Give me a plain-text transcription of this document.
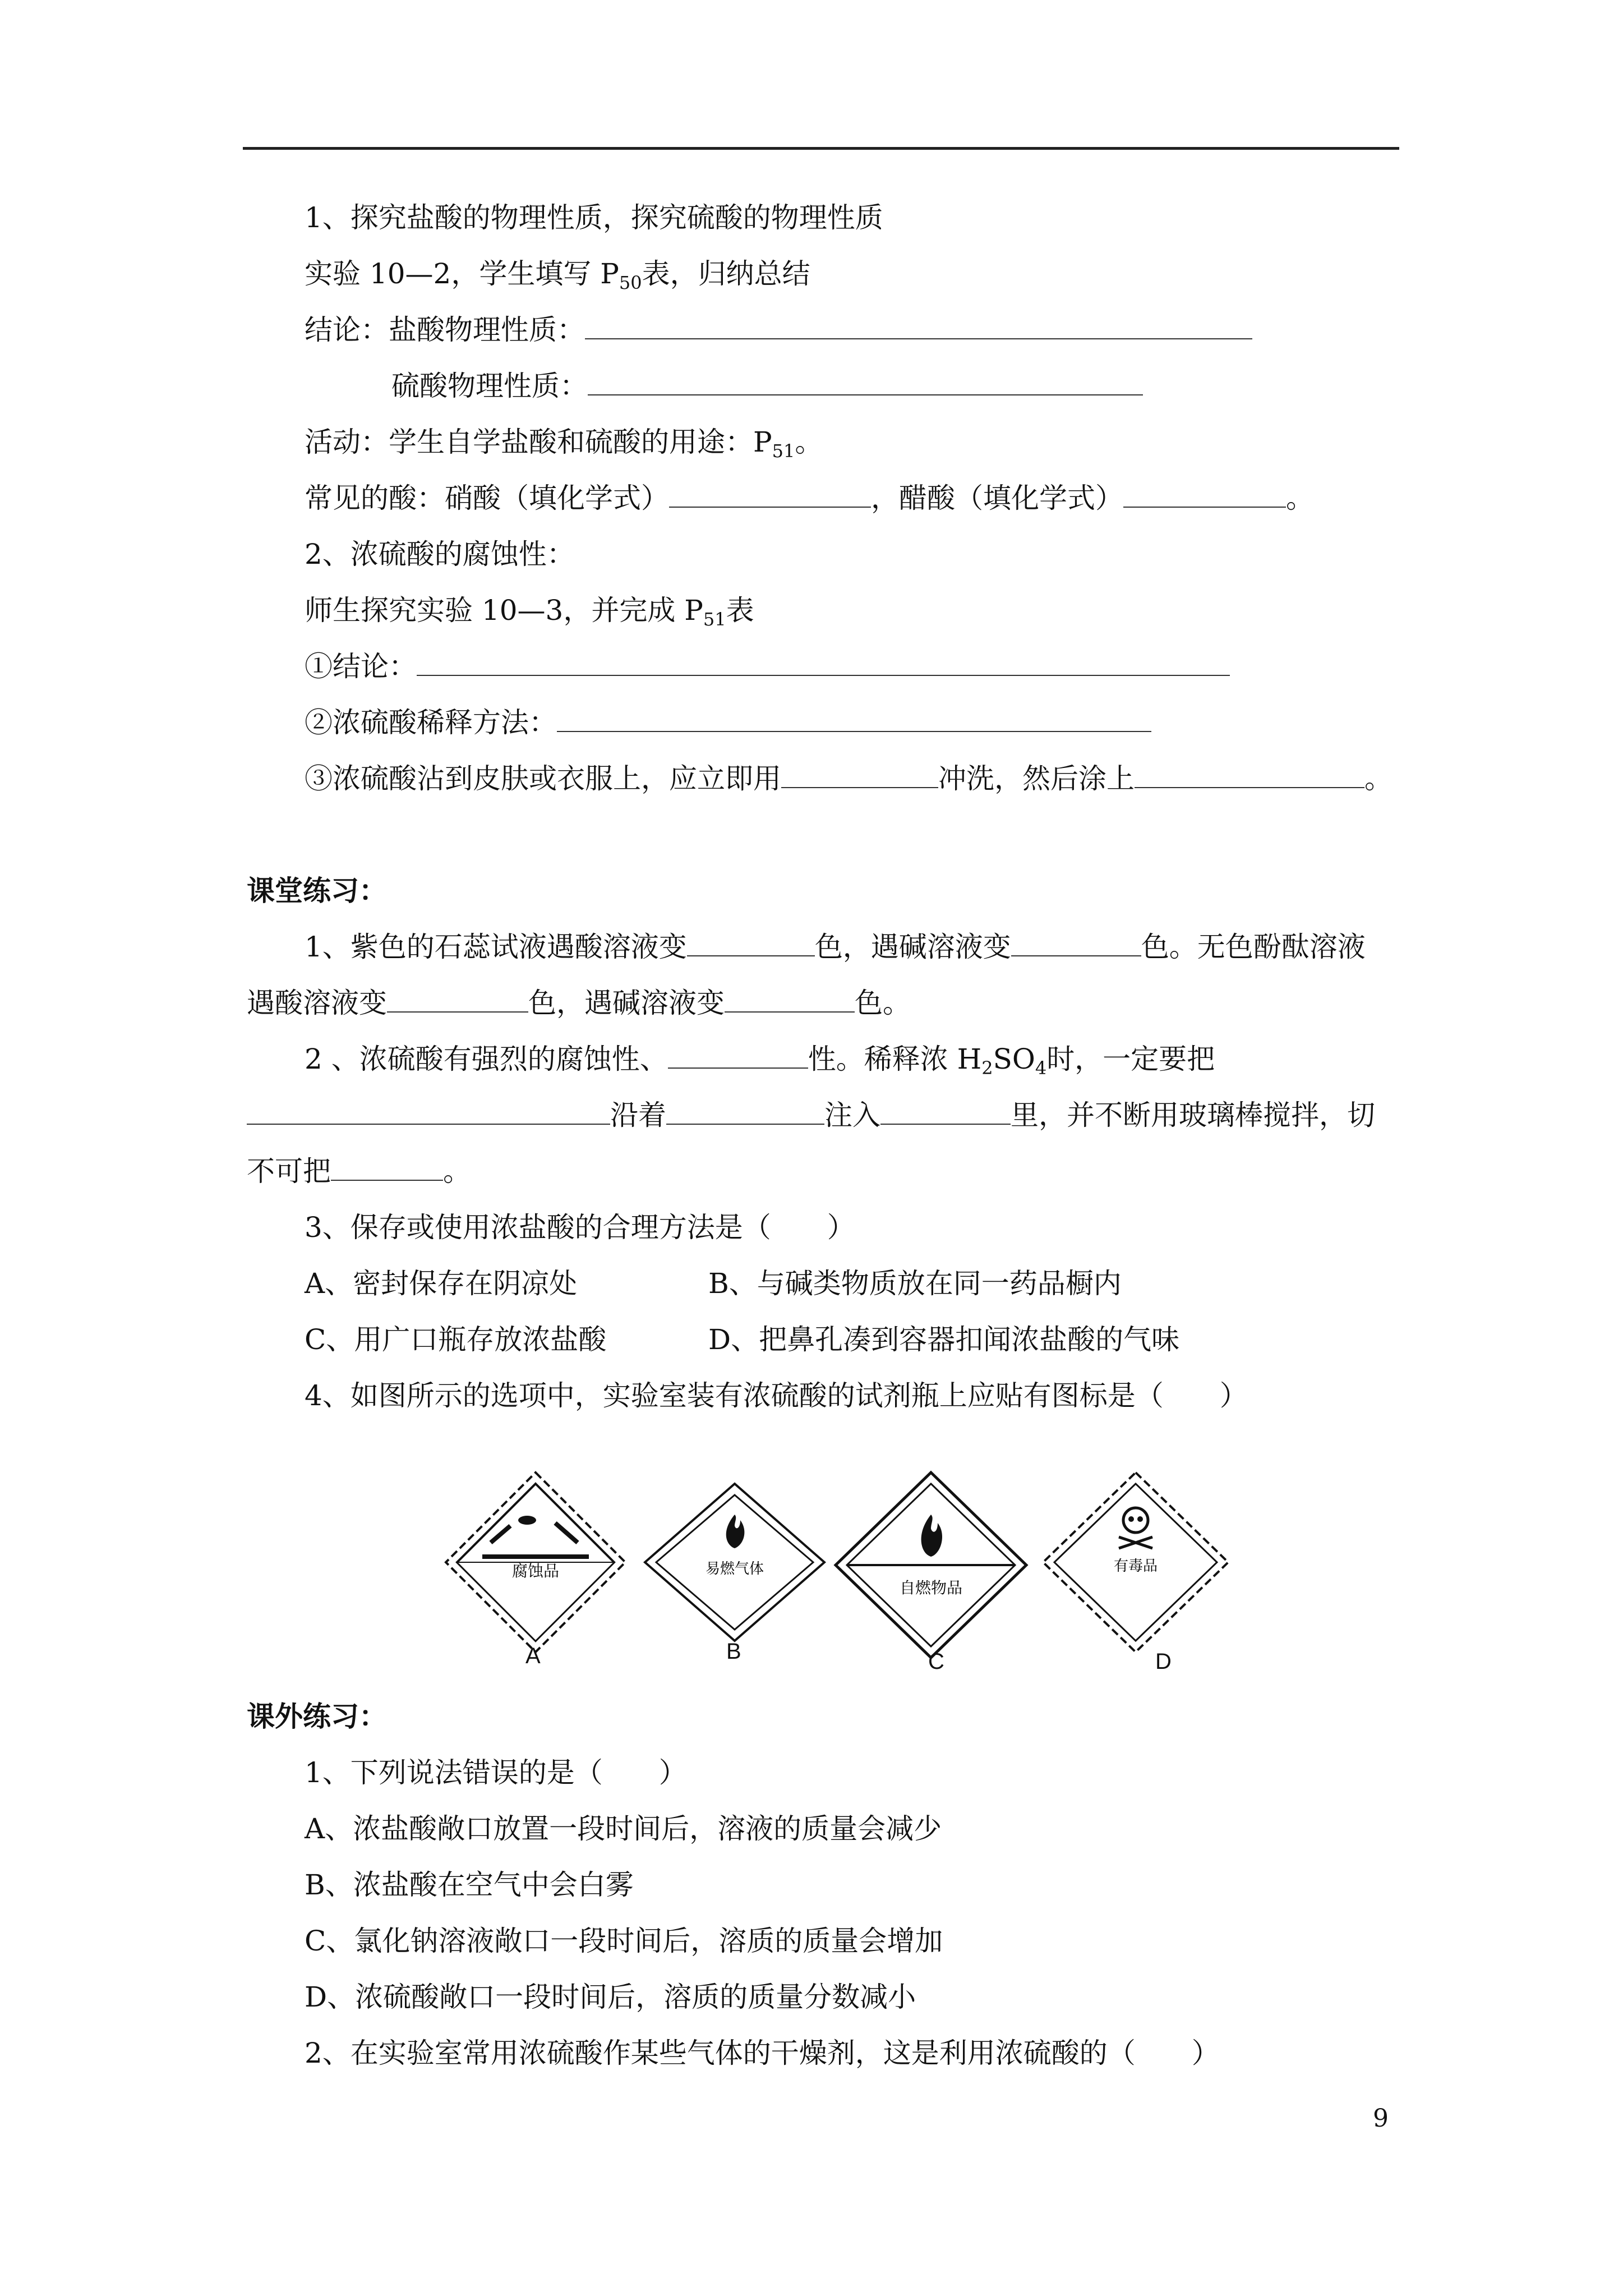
1、探究盐酸的物理性质，探究硫酸的物理性质
实验 10—2，学生填写 $P_{50}$表，归纳总结
结论：盐酸物理性质：
硫酸物理性质：
活动：学生自学盐酸和硫酸的用途：$P_{51}$。
常见的酸：硝酸（填化学式）	，醋酸（填化学式）	。
2、浓硫酸的腐蚀性：
师生探究实验 10—3，并完成 $P_{51}$表
①结论：
②浓硫酸稀释方法：
③浓硫酸沾到皮肤或衣服上，应立即用	冲洗，然后涂上	。
课堂练习：
1、紫色的石蕊试液遇酸溶液变	色，遇碱溶液变	色。无色酚酞溶液
遇酸溶液变	色，遇碱溶液变	色。
2 、浓硫酸有强烈的腐蚀性、	性。稀释浓 $H_2SO_4$时，一定要把
沿着	注入	里，并不断用玻璃棒搅拌，切
不可把	。
3、保存或使用浓盐酸的合理方法是（　　）
A、密封保存在阴凉处	B、与碱类物质放在同一药品橱内
C、用广口瓶存放浓盐酸	D、把鼻孔凑到容器扣闻浓盐酸的气味
4、如图所示的选项中，实验室装有浓硫酸的试剂瓶上应贴有图标是（　　）
腐蚀品	易燃气体
自燃物品
有毒品
A	B	C	D
课外练习：
1、下列说法错误的是（　　）
A、浓盐酸敞口放置一段时间后，溶液的质量会减少
B、浓盐酸在空气中会白雾
C、氯化钠溶液敞口一段时间后，溶质的质量会增加
D、浓硫酸敞口一段时间后，溶质的质量分数减小
2、在实验室常用浓硫酸作某些气体的干燥剂，这是利用浓硫酸的（　　）
9
